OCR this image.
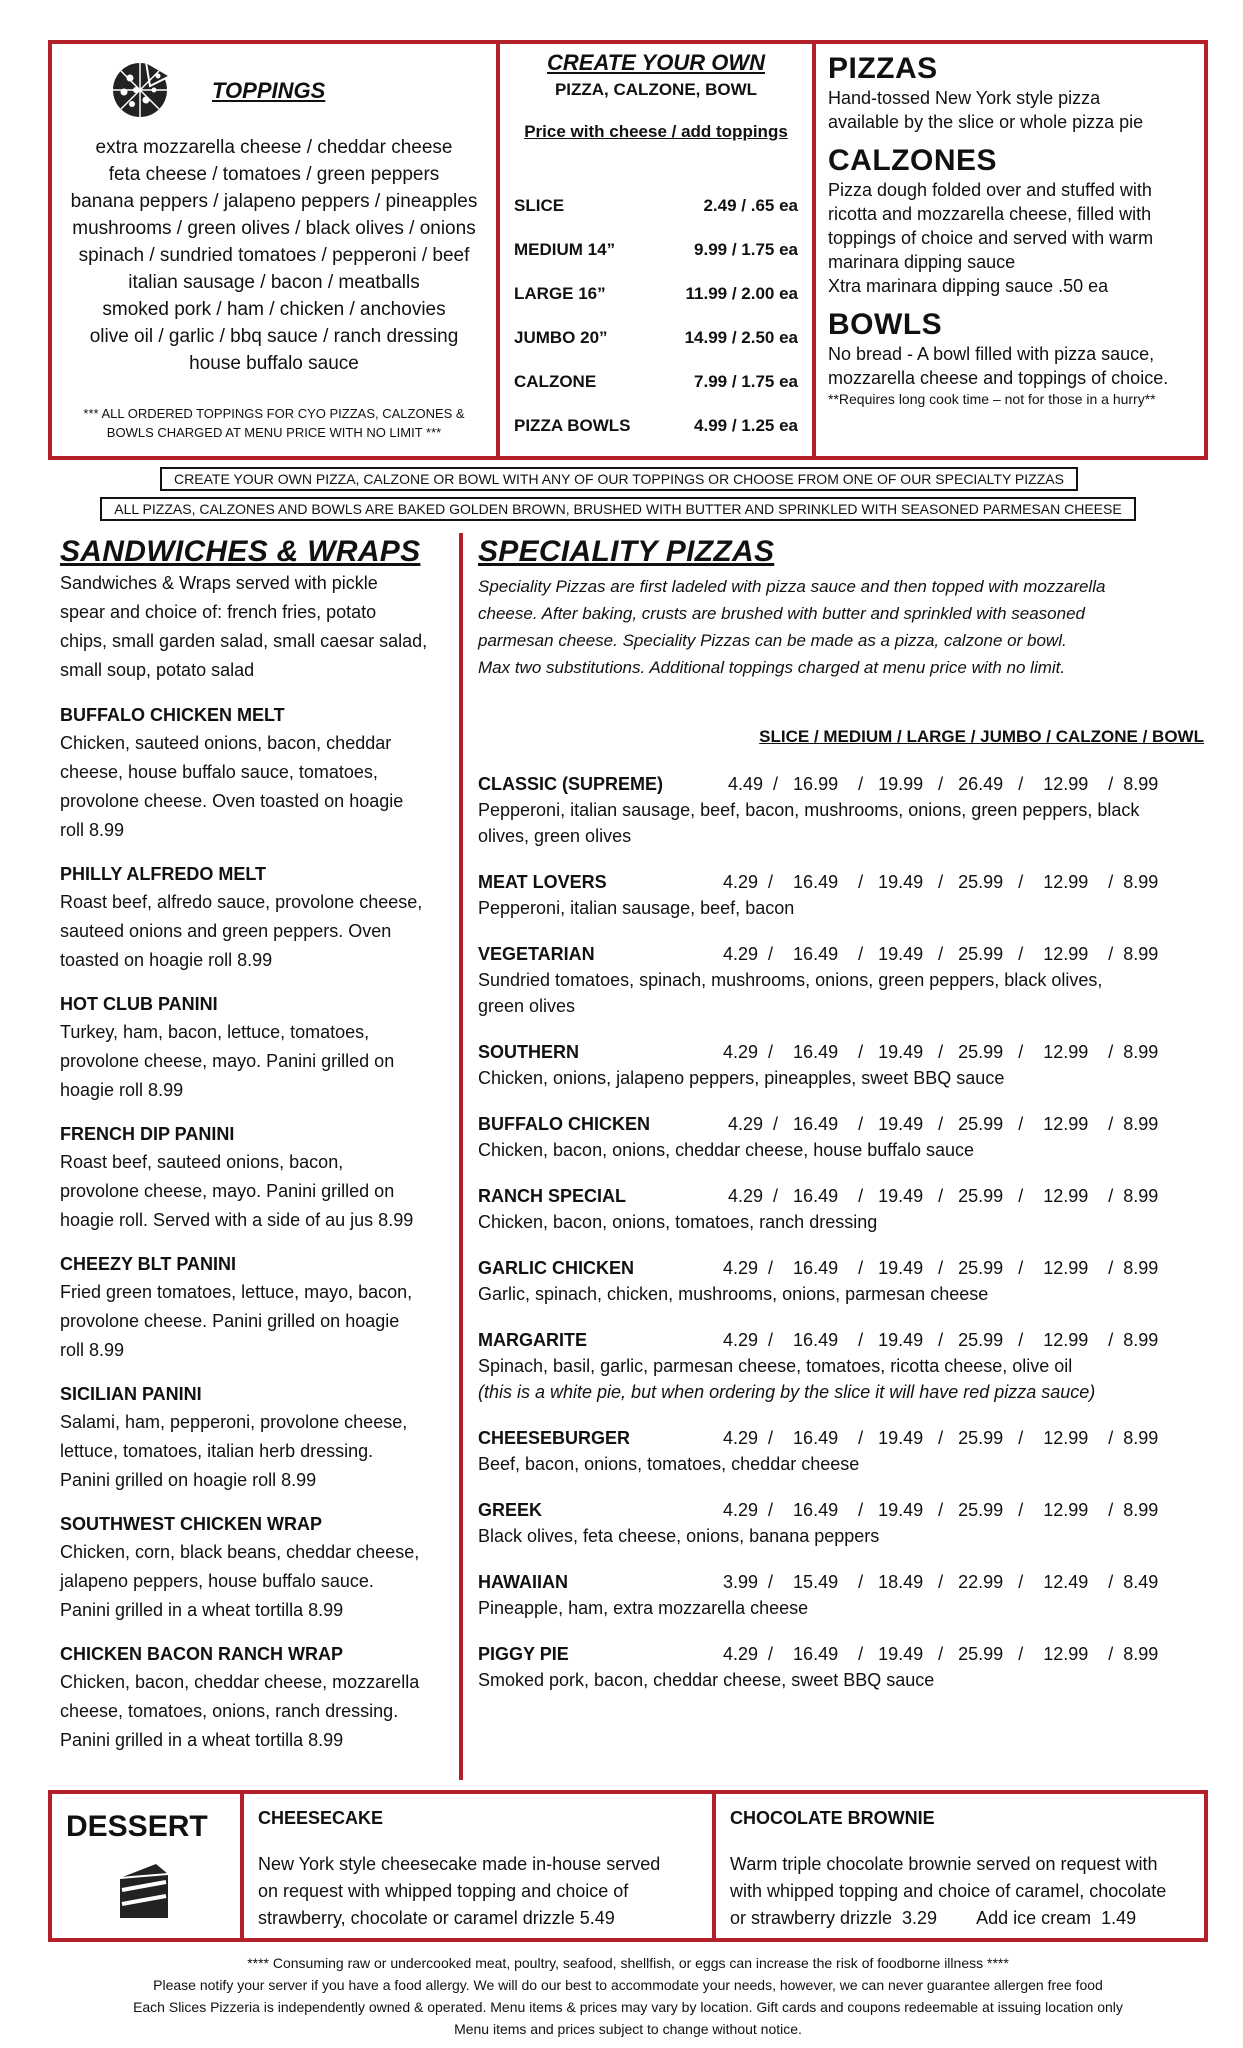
TOPPINGS
extra mozzarella cheese / cheddar cheese
feta cheese / tomatoes / green peppers
banana peppers / jalapeno peppers / pineapples
mushrooms / green olives / black olives / onions
spinach / sundried tomatoes / pepperoni / beef
italian sausage / bacon / meatballs
smoked pork / ham / chicken / anchovies
olive oil / garlic / bbq sauce / ranch dressing
house buffalo sauce
*** ALL ORDERED TOPPINGS FOR CYO PIZZAS, CALZONES &
BOWLS CHARGED AT MENU PRICE WITH NO LIMIT ***
CREATE YOUR OWN
PIZZA, CALZONE, BOWL
Price with cheese / add toppings
SLICE	2.49 / .65 ea
MEDIUM 14”	9.99 / 1.75 ea
LARGE 16”	11.99 / 2.00 ea
JUMBO 20”	14.99 / 2.50 ea
CALZONE	7.99 / 1.75 ea
PIZZA BOWLS	4.99 / 1.25 ea
PIZZAS

Hand-tossed New York style pizza

available by the slice or whole pizza pie

CALZONES

Pizza dough folded over and stuffed with

ricotta and mozzarella cheese, filled with

toppings of choice and served with warm

marinara dipping sauce

Xtra marinara dipping sauce .50 ea

BOWLS

No bread - A bowl filled with pizza sauce,

mozzarella cheese and toppings of choice.

**Requires long cook time – not for those in a hurry**

CREATE YOUR OWN PIZZA, CALZONE OR BOWL WITH ANY OF OUR TOPPINGS OR CHOOSE FROM ONE OF OUR SPECIALTY PIZZAS
ALL PIZZAS, CALZONES AND BOWLS ARE BAKED GOLDEN BROWN, BRUSHED WITH BUTTER AND SPRINKLED WITH SEASONED PARMESAN CHEESE
SANDWICHES & WRAPS
Sandwiches & Wraps served with pickle
spear and choice of: french fries, potato
chips, small garden salad, small caesar salad,
small soup, potato salad
BUFFALO CHICKEN MELT
Chicken, sauteed onions, bacon, cheddar
cheese, house buffalo sauce, tomatoes,
provolone cheese. Oven toasted on hoagie
roll 8.99
PHILLY ALFREDO MELT
Roast beef, alfredo sauce, provolone cheese,
sauteed onions and green peppers. Oven
toasted on hoagie roll 8.99
HOT CLUB PANINI
Turkey, ham, bacon, lettuce, tomatoes,
provolone cheese, mayo. Panini grilled on
hoagie roll 8.99
FRENCH DIP PANINI
Roast beef, sauteed onions, bacon,
provolone cheese, mayo. Panini grilled on
hoagie roll. Served with a side of au jus 8.99
CHEEZY BLT PANINI
Fried green tomatoes, lettuce, mayo, bacon,
provolone cheese. Panini grilled on hoagie
roll 8.99
SICILIAN PANINI
Salami, ham, pepperoni, provolone cheese,
lettuce, tomatoes, italian herb dressing.
Panini grilled on hoagie roll 8.99
SOUTHWEST CHICKEN WRAP
Chicken, corn, black beans, cheddar cheese,
jalapeno peppers, house buffalo sauce.
Panini grilled in a wheat tortilla 8.99
CHICKEN BACON RANCH WRAP
Chicken, bacon, cheddar cheese, mozzarella
cheese, tomatoes, onions, ranch dressing.
Panini grilled in a wheat tortilla 8.99
SPECIALITY PIZZAS
Speciality Pizzas are first ladeled with pizza sauce and then topped with mozzarella
cheese. After baking, crusts are brushed with butter and sprinkled with seasoned
parmesan cheese. Speciality Pizzas can be made as a pizza, calzone or bowl.
Max two substitutions. Additional toppings charged at menu price with no limit.
SLICE / MEDIUM / LARGE / JUMBO / CALZONE / BOWL
CLASSIC (SUPREME)	4.49  /   16.99    /   19.99   /   26.49   /    12.99    /  8.99
Pepperoni, italian sausage, beef, bacon, mushrooms, onions, green peppers, black
olives, green olives
MEAT LOVERS	4.29  /    16.49    /   19.49   /   25.99   /    12.99    /  8.99
Pepperoni, italian sausage, beef, bacon
VEGETARIAN	4.29  /    16.49    /   19.49   /   25.99   /    12.99    /  8.99
Sundried tomatoes, spinach, mushrooms, onions, green peppers, black olives,
green olives
SOUTHERN	4.29  /    16.49    /   19.49   /   25.99   /    12.99    /  8.99
Chicken, onions, jalapeno peppers, pineapples, sweet BBQ sauce
BUFFALO CHICKEN	4.29  /   16.49    /   19.49   /   25.99   /    12.99    /  8.99
Chicken, bacon, onions, cheddar cheese, house buffalo sauce
RANCH SPECIAL	4.29  /   16.49    /   19.49   /   25.99   /    12.99    /  8.99
Chicken, bacon, onions, tomatoes, ranch dressing
GARLIC CHICKEN	4.29  /    16.49    /   19.49   /   25.99   /    12.99    /  8.99
Garlic, spinach, chicken, mushrooms, onions, parmesan cheese
MARGARITE	4.29  /    16.49    /   19.49   /   25.99   /    12.99    /  8.99
Spinach, basil, garlic, parmesan cheese, tomatoes, ricotta cheese, olive oil
(this is a white pie, but when ordering by the slice it will have red pizza sauce)
CHEESEBURGER	4.29  /    16.49    /   19.49   /   25.99   /    12.99    /  8.99
Beef, bacon, onions, tomatoes, cheddar cheese
GREEK	4.29  /    16.49    /   19.49   /   25.99   /    12.99    /  8.99
Black olives, feta cheese, onions, banana peppers
HAWAIIAN	3.99  /    15.49    /   18.49   /   22.99   /    12.49    /  8.49
Pineapple, ham, extra mozzarella cheese
PIGGY PIE	4.29  /    16.49    /   19.49   /   25.99   /    12.99    /  8.99
Smoked pork, bacon, cheddar cheese, sweet BBQ sauce
DESSERT	CHEESECAKE
New York style cheesecake made in-house served
on request with whipped topping and choice of
strawberry, chocolate or caramel drizzle 5.49
CHOCOLATE BROWNIE
Warm triple chocolate brownie served on request with
with whipped topping and choice of caramel, chocolate
or strawberry drizzle  3.29        Add ice cream  1.49
**** Consuming raw or undercooked meat, poultry, seafood, shellfish, or eggs can increase the risk of foodborne illness ****
Please notify your server if you have a food allergy. We will do our best to accommodate your needs, however, we can never guarantee allergen free food
Each Slices Pizzeria is independently owned & operated. Menu items & prices may vary by location. Gift cards and coupons redeemable at issuing location only
Menu items and prices subject to change without notice.
